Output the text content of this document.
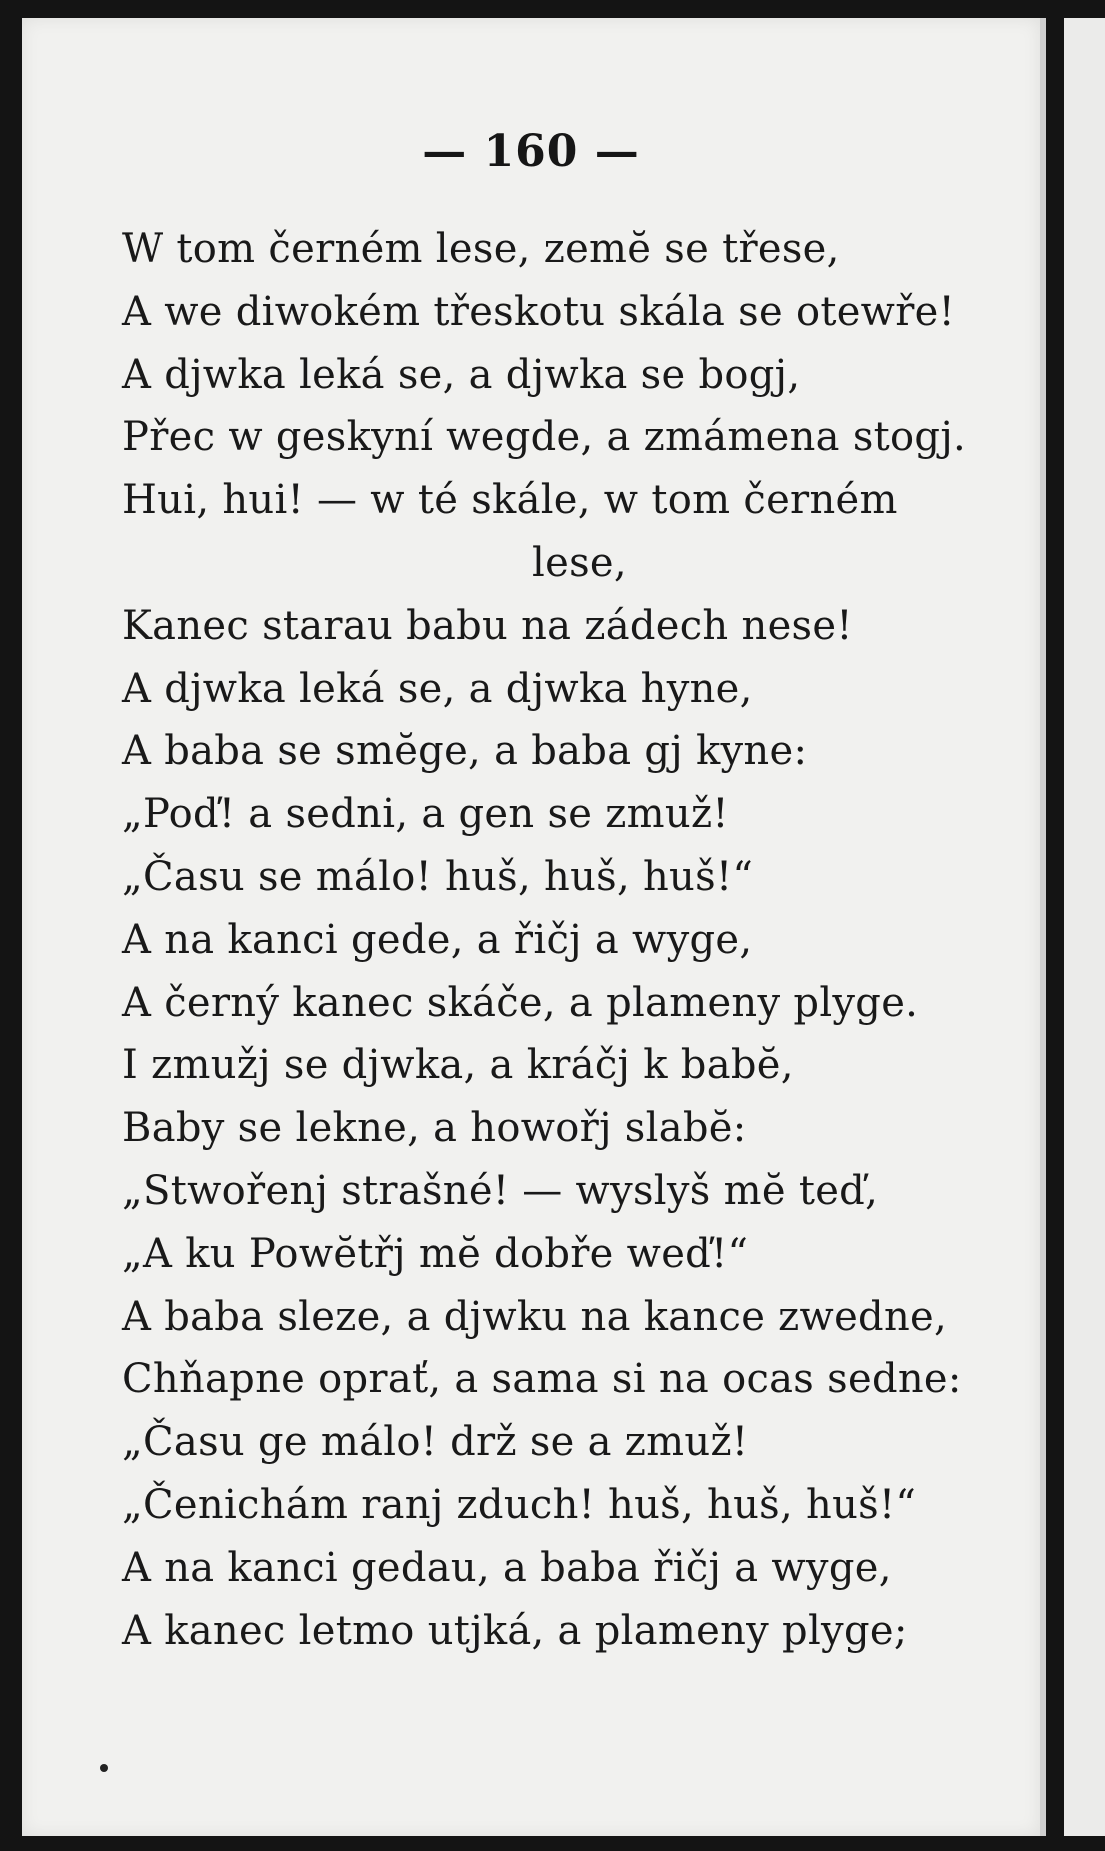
— 160 —
W tom černém lese, zemĕ se třese,
A we diwokém třeskotu skála se otewře!
A djwka leká se, a djwka se bogj,
Přec w geskyní wegde, a zmámena stogj.
Hui, hui! — w té skále, w tom černém
lese,
Kanec starau babu na zádech nese!
A djwka leká se, a djwka hyne,
A baba se smĕge, a baba gj kyne:
„Poď! a sedni, a gen se zmuž!
„Času se málo! huš, huš, huš!“
A na kanci gede, a řičj a wyge,
A černý kanec skáče, a plameny plyge.
I zmužj se djwka, a kráčj k babĕ,
Baby se lekne, a howořj slabĕ:
„Stwořenj strašné! — wyslyš mĕ teď,
„A ku Powĕtřj mĕ dobře weď!“
A baba sleze, a djwku na kance zwedne,
Chňapne oprať, a sama si na ocas sedne:
„Času ge málo! drž se a zmuž!
„Čenichám ranj zduch! huš, huš, huš!“
A na kanci gedau, a baba řičj a wyge,
A kanec letmo utjká, a plameny plyge;
